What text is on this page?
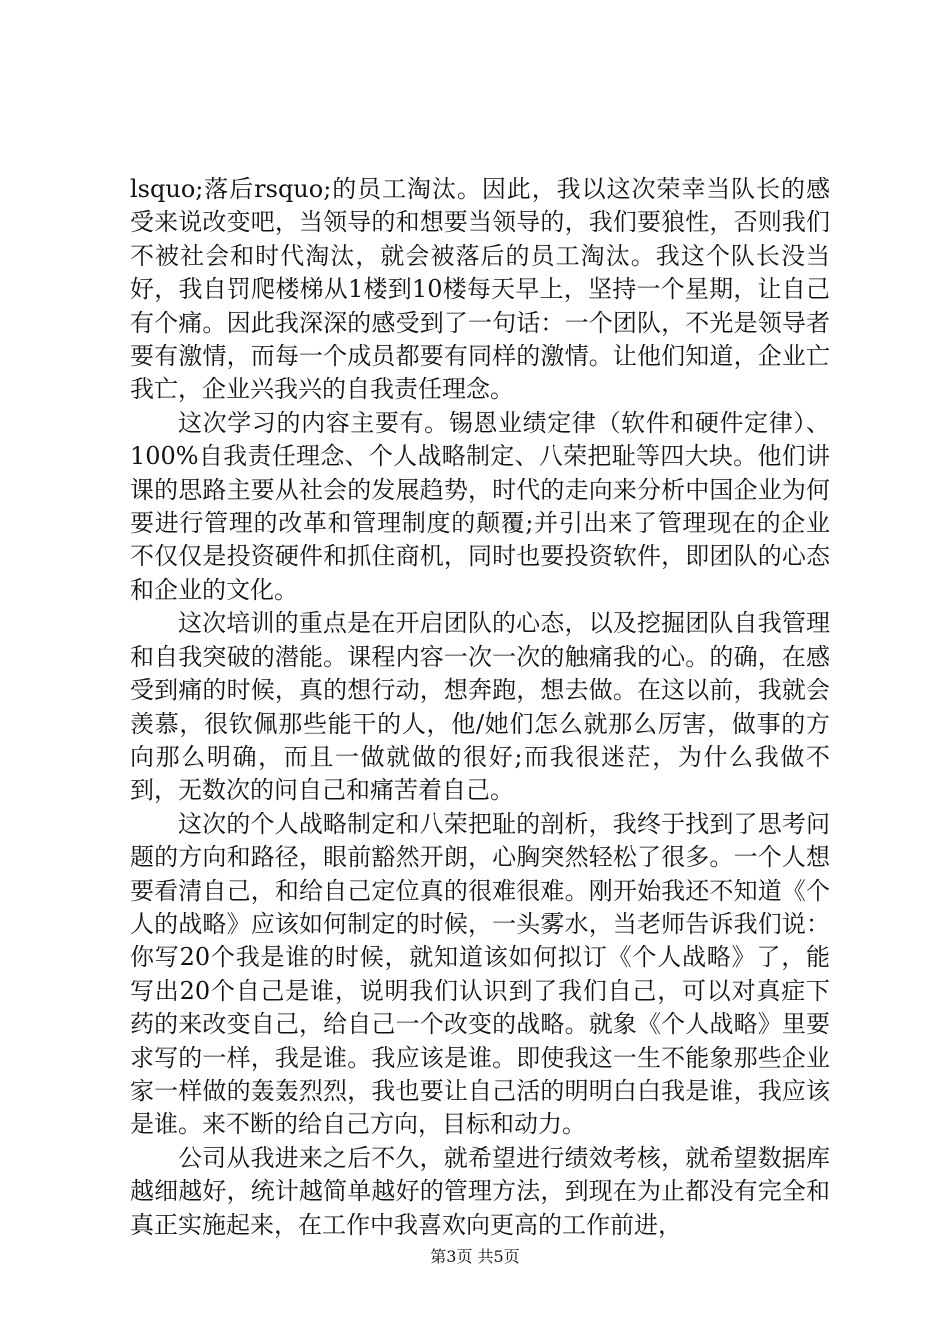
lsquo;落后rsquo;的员工淘汰。因此，我以这次荣幸当队长的感受来说改变吧，当领导的和想要当领导的，我们要狼性，否则我们不被社会和时代淘汰，就会被落后的员工淘汰。我这个队长没当好，我自罚爬楼梯从1楼到10楼每天早上，坚持一个星期，让自己有个痛。因此我深深的感受到了一句话：一个团队，不光是领导者要有激情，而每一个成员都要有同样的激情。让他们知道，企业亡我亡，企业兴我兴的自我责任理念。

这次学习的内容主要有。锡恩业绩定律（软件和硬件定律）、100%自我责任理念、个人战略制定、八荣把耻等四大块。他们讲课的思路主要从社会的发展趋势，时代的走向来分析中国企业为何要进行管理的改革和管理制度的颠覆;并引出来了管理现在的企业不仅仅是投资硬件和抓住商机，同时也要投资软件，即团队的心态和企业的文化。

这次培训的重点是在开启团队的心态，以及挖掘团队自我管理和自我突破的潜能。课程内容一次一次的触痛我的心。的确，在感受到痛的时候，真的想行动，想奔跑，想去做。在这以前，我就会羡慕，很钦佩那些能干的人，他/她们怎么就那么厉害，做事的方向那么明确，而且一做就做的很好;而我很迷茫，为什么我做不到，无数次的问自己和痛苦着自己。

这次的个人战略制定和八荣把耻的剖析，我终于找到了思考问题的方向和路径，眼前豁然开朗，心胸突然轻松了很多。一个人想要看清自己，和给自己定位真的很难很难。刚开始我还不知道《个人的战略》应该如何制定的时候，一头雾水，当老师告诉我们说：你写20个我是谁的时候，就知道该如何拟订《个人战略》了，能写出20个自己是谁，说明我们认识到了我们自己，可以对真症下药的来改变自己，给自己一个改变的战略。就象《个人战略》里要求写的一样，我是谁。我应该是谁。即使我这一生不能象那些企业家一样做的轰轰烈烈，我也要让自己活的明明白白我是谁，我应该是谁。来不断的给自己方向，目标和动力。

公司从我进来之后不久，就希望进行绩效考核，就希望数据库越细越好，统计越简单越好的管理方法，到现在为止都没有完全和真正实施起来，在工作中我喜欢向更高的工作前进，

第3页 共5页
